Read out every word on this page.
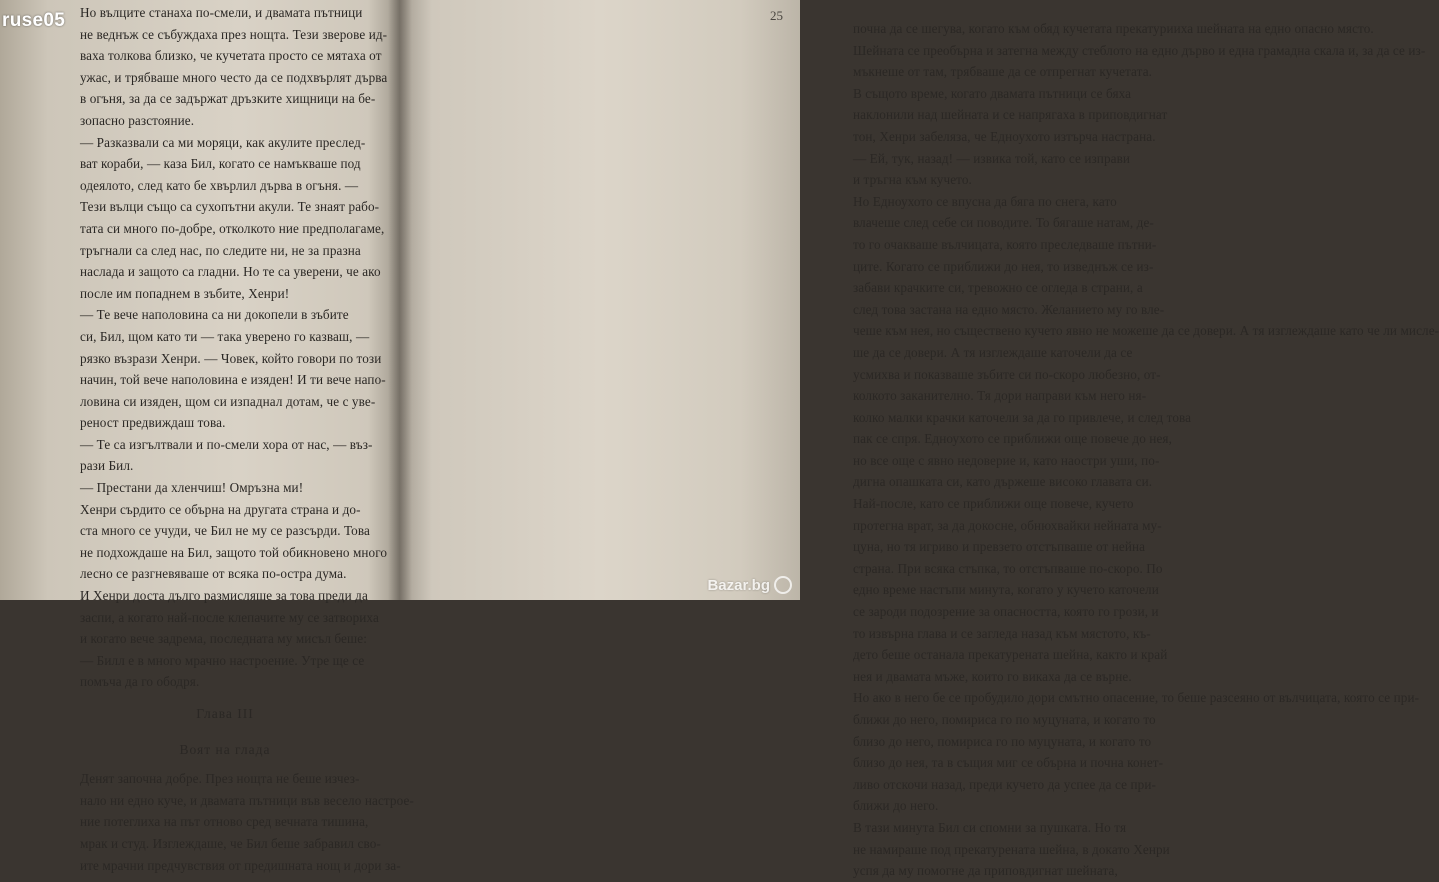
Но вълците станаха по-смели, и двамата пътници
не веднъж се събуждаха през нощта. Тези зверове ид-
ваха толкова близко, че кучетата просто се мятаха от
ужас, и трябваше много често да се подхвърлят дърва
в огъня, за да се задържат дръзките хищници на бе-
зопасно разстояние.
— Разказвали са ми моряци, как акулите преслед-
ват кораби, — каза Бил, когато се намъкваше под
одеялото, след като бе хвърлил дърва в огъня. —
Тези вълци също са сухопътни акули. Те знаят рабо-
тата си много по-добре, отколкото ние предполагаме,
тръгнали са след нас, по следите ни, не за празна
наслада и защото са гладни. Но те са уверени, че ако
после им попаднем в зъбите, Хенри!
— Те вече наполовина са ни докопели в зъбите
си, Бил, щом като ти — така уверено го казваш, —
рязко възрази Хенри. — Човек, който говори по този
начин, той вече наполовина е изяден! И ти вече напо-
ловина си изяден, щом си изпаднал дотам, че с уве-
реност предвиждаш това.
— Те са изгълтвали и по-смели хора от нас, — въз-
рази Бил.
— Престани да хленчиш! Омръзна ми!
Хенри сърдито се обърна на другата страна и до-
ста много се учуди, че Бил не му се разсърди. Това
не подхождаше на Бил, защото той обикновено много
лесно се разгневяваше от всяка по-остра дума.
И Хенри доста дълго размисляше за това преди да
заспи, а когато най-после клепачите му се затвориха
и когато вече задрема, последната му мисъл беше:
— Билл е в много мрачно настроение. Утре ще се
помъча да го ободря.
Глава III
Воят на глада
Денят започна добре. През нощта не беше изчез-
нало ни едно куче, и двамата пътници във весело настрое-
ние потеглиха на път отново сред вечната тишина,
мрак и студ. Изглеждаше, че Бил беше забравил сво-
ите мрачни предчувствия от предишната нощ и дори за-
почна да се шегува, когато към обяд кучетата прекатурииха шейната на едно опасно място.
Шейната се преобърна и затегна между стеблото на едно дърво и една грамадна скала и, за да се из-
мъкнеше от там, трябваше да се отпрегнат кучетата.
В същото време, когато двамата пътници се бяха
наклонили над шейната и се напрягаха в приповдигнат
тон, Хенри забеляза, че Едноухото изтърча настрана.
— Ей, тук, назад! — извика той, като се изправи
и тръгна към кучето.
Но Едноухото се впусна да бяга по снега, като
влачеше след себе си поводите. То бягаше натам, де-
то го очакваше вълчицата, която преследваше пътни-
ците. Когато се приближи до нея, то изведнъж се из-
забави крачките си, тревожно се огледа в страни, а
след това застана на едно място. Желанието му го вле-
чеше към нея, но съществено кучето явно не можеше да се довери. А тя изглеждаше като че ли мисле-
ше да се довери. А тя изглеждаше каточели да се
усмихва и показваше зъбите си по-скоро любезно, от-
колкото заканително. Тя дори направи към него ня-
колко малки крачки каточели за да го привлече, и след това
пак се спря. Едноухото се приближи още повече до нея,
но все още с явно недоверие и, като наостри уши, по-
дигна опашката си, като държеше високо главата си.
Най-после, като се приближи още повече, кучето
протегна врат, за да докосне, обнюхвайки нейната му-
цуна, но тя игриво и превзето отстъпваше от нейна
страна. При всяка стъпка, то отстъпваше по-скоро. По
едно време настъпи минута, когато у кучето каточели
се зароди подозрение за опасността, която го грози, и
то извърна глава и се загледа назад към мястото, къ-
дето беше останала прекатурената шейна, както и край
нея и двамата мъже, които го викаха да се върне.
Но ако в него бе се пробудило дори смътно опасение, то беше разсеяно от вълчицата, която се при-
ближи до него, помириса го по муцуната, и когато то
близо до него, помириса го по муцуната, и когато то
близо до нея, та в същия миг се обърна и почна конет-
ливо отскочи назад, преди кучето да успее да се при-
ближи до него.
В тази минута Бил си спомни за пушката. Но тя
не намираше под прекатурената шейна, в докато Хенри
успя да му помогне да приповдигнат шейната,
25
ruse05
Bazar.bg
